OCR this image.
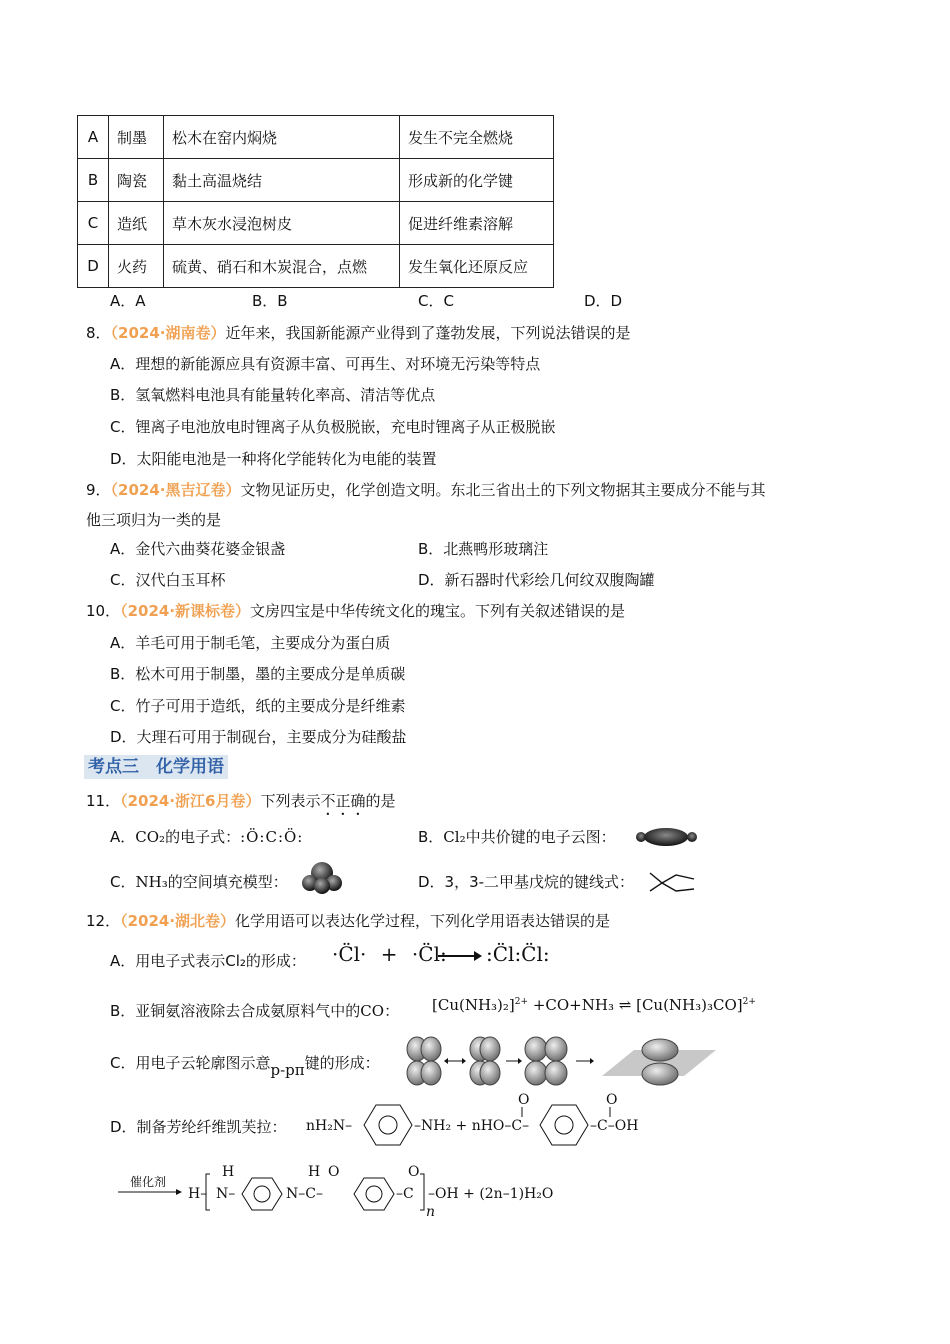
A	制墨	松木在窑内焖烧	发生不完全燃烧
B	陶瓷	黏土高温烧结	形成新的化学键
C	造纸	草木灰水浸泡树皮	促进纤维素溶解
D	火药	硫黄、硝石和木炭混合，点燃	发生氧化还原反应
A．A	B．B	C．C	D．D
8．（2024·湖南卷）近年来，我国新能源产业得到了蓬勃发展，下列说法错误的是
A．理想的新能源应具有资源丰富、可再生、对环境无污染等特点
B．氢氧燃料电池具有能量转化率高、清洁等优点
C．锂离子电池放电时锂离子从负极脱嵌，充电时锂离子从正极脱嵌
D．太阳能电池是一种将化学能转化为电能的装置
9．（2024·黑吉辽卷）文物见证历史，化学创造文明。东北三省出土的下列文物据其主要成分不能与其
他三项归为一类的是
A．金代六曲葵花婆金银盏	B．北燕鸭形玻璃注
C．汉代白玉耳杯	D．新石器时代彩绘几何纹双腹陶罐
10．（2024·新课标卷）文房四宝是中华传统文化的瑰宝。下列有关叙述错误的是
A．羊毛可用于制毛笔，主要成分为蛋白质
B．松木可用于制墨，墨的主要成分是单质碳
C．竹子可用于造纸，纸的主要成分是纤维素
D．大理石可用于制砚台，主要成分为硅酸盐
考点三　化学用语
11．（2024·浙江6月卷）下列表示不正确的是
A．CO₂的电子式：:Ö:C:Ö:	B．Cl₂中共价键的电子云图：
C．NH₃的空间填充模型：	D．3，3-二甲基戊烷的键线式：
12．（2024·湖北卷）化学用语可以表达化学过程，下列化学用语表达错误的是
A．用电子式表示Cl₂的形成： ·C̈l· + ·C̈l: → :C̈l:C̈l:
B．亚铜氨溶液除去合成氨原料气中的CO： $[Cu(NH_3)_2]^{2+} +CO+NH_3$ ⇌ $[Cu(NH_3)_3CO]^{2+}$
C．用电子云轮廓图示意p-pπ键的形成：
D．制备芳纶纤维凯芙拉： nH₂N–	–NH₂ + nHO–C–
O
–C–OH
O
催化剂
H–
H
N–
H
N–C–
O
–C
O
n
–OH + (2n–1)H₂O
